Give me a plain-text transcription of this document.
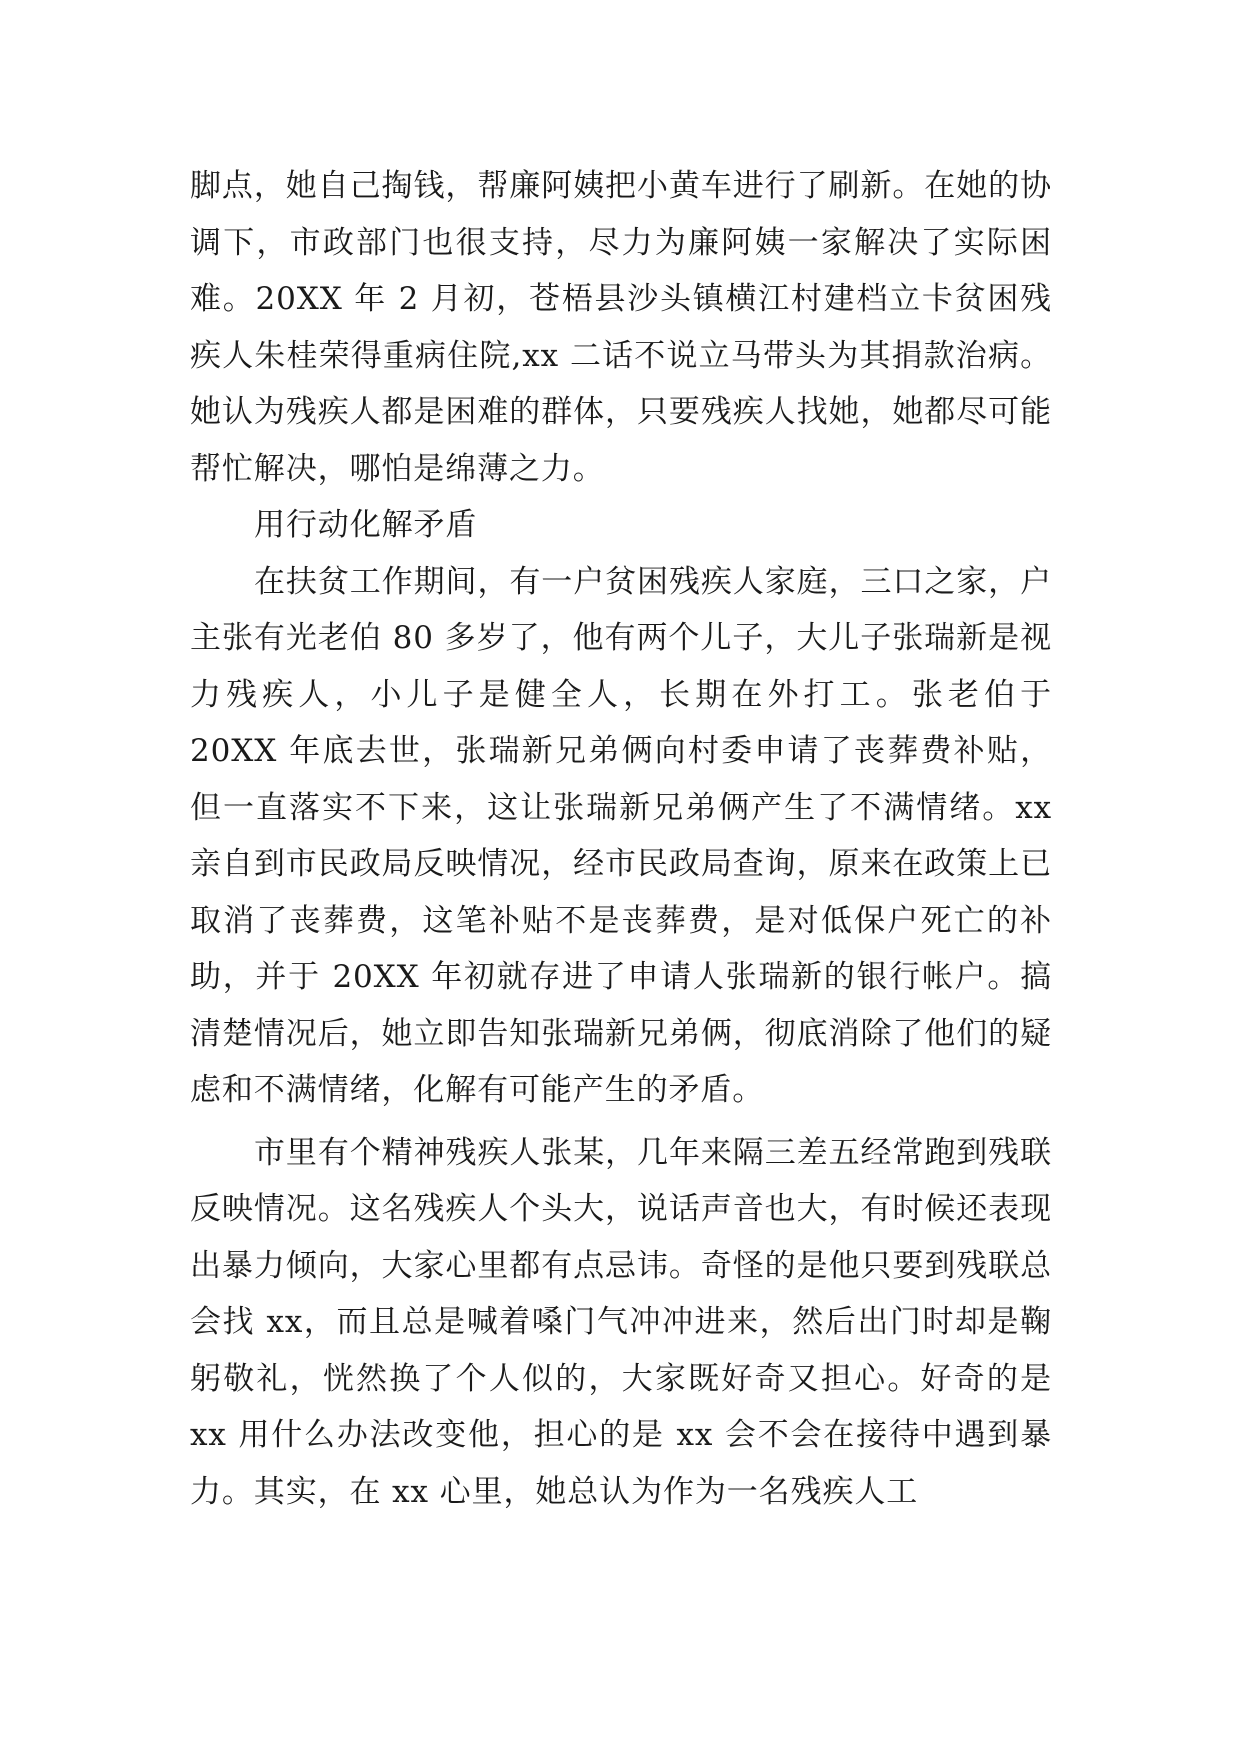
脚点，她自己掏钱，帮廉阿姨把小黄车进行了刷新。在她的协调下，市政部门也很支持，尽力为廉阿姨一家解决了实际困难。20XX 年 2 月初，苍梧县沙头镇横江村建档立卡贫困残疾人朱桂荣得重病住院,xx 二话不说立马带头为其捐款治病。她认为残疾人都是困难的群体，只要残疾人找她，她都尽可能帮忙解决，哪怕是绵薄之力。

用行动化解矛盾

在扶贫工作期间，有一户贫困残疾人家庭，三口之家，户主张有光老伯 80 多岁了，他有两个儿子，大儿子张瑞新是视力残疾人，小儿子是健全人，长期在外打工。张老伯于 20XX 年底去世，张瑞新兄弟俩向村委申请了丧葬费补贴，但一直落实不下来，这让张瑞新兄弟俩产生了不满情绪。xx 亲自到市民政局反映情况，经市民政局查询，原来在政策上已取消了丧葬费，这笔补贴不是丧葬费，是对低保户死亡的补助，并于 20XX 年初就存进了申请人张瑞新的银行帐户。搞清楚情况后，她立即告知张瑞新兄弟俩，彻底消除了他们的疑虑和不满情绪，化解有可能产生的矛盾。

市里有个精神残疾人张某，几年来隔三差五经常跑到残联反映情况。这名残疾人个头大，说话声音也大，有时候还表现出暴力倾向，大家心里都有点忌讳。奇怪的是他只要到残联总会找 xx，而且总是喊着嗓门气冲冲进来，然后出门时却是鞠躬敬礼，恍然换了个人似的，大家既好奇又担心。好奇的是 xx 用什么办法改变他，担心的是 xx 会不会在接待中遇到暴力。其实，在 xx 心里，她总认为作为一名残疾人工
